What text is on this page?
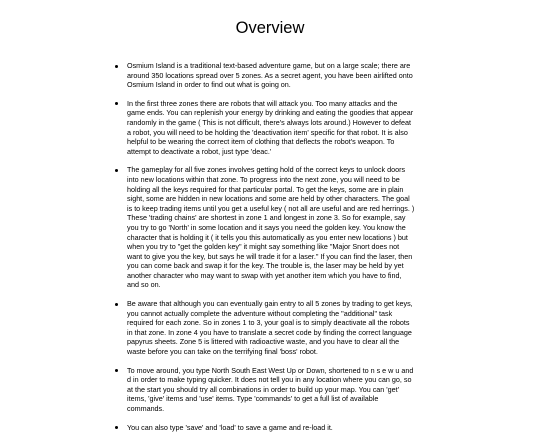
Overview
Osmium Island is a traditional text-based adventure game, but on a large scale; there are around 350 locations spread over 5 zones. As a secret agent, you have been airlifted onto Osmium Island in order to find out what is going on.
In the first three zones there are robots that will attack you. Too many attacks and the game ends. You can replenish your energy by drinking and eating the goodies that appear randomly in the game ( This is not difficult, there's always lots around.) However to defeat a robot, you will need to be holding the 'deactivation item' specific for that robot. It is also helpful to be wearing the correct item of clothing that deflects the robot's weapon. To attempt to deactivate a robot, just type 'deac.'
The gameplay for all five zones involves getting hold of the correct keys to unlock doors into new locations within that zone. To progress into the next zone, you will need to be holding all the keys required for that particular portal. To get the keys, some are in plain sight, some are hidden in new locations and some are held by other characters. The goal is to keep trading items until you get a useful key ( not all are useful and are red herrings. ) These 'trading chains' are shortest in zone 1 and longest in zone 3. So for example, say you try to go 'North' in some location and it says you need the golden key. You know the character that is holding it ( it tells you this automatically as you enter new locations ) but when you try to "get the golden key" it might say something like "Major Snort does not want to give you the key, but says he will trade it for a laser." If you can find the laser, then you can come back and swap it for the key. The trouble is, the laser may be held by yet another character who may want to swap with yet another item which you have to find, and so on.
Be aware that although you can eventually gain entry to all 5 zones by trading to get keys, you cannot actually complete the adventure without completing the "additional" task required for each zone. So in zones 1 to 3, your goal is to simply deactivate all the robots in that zone. In zone 4 you have to translate a secret code by finding the correct language papyrus sheets. Zone 5 is littered with radioactive waste, and you have to clear all the waste before you can take on the terrifying final 'boss' robot.
To move around, you type North South East West Up or Down, shortened to n s e w u and d in order to make typing quicker. It does not tell you in any location where you can go, so at the start you should try all combinations in order to build up your map. You can 'get' items, 'give' items and 'use' items. Type 'commands' to get a full list of available commands.
You can also type 'save' and 'load' to save a game and re-load it.
